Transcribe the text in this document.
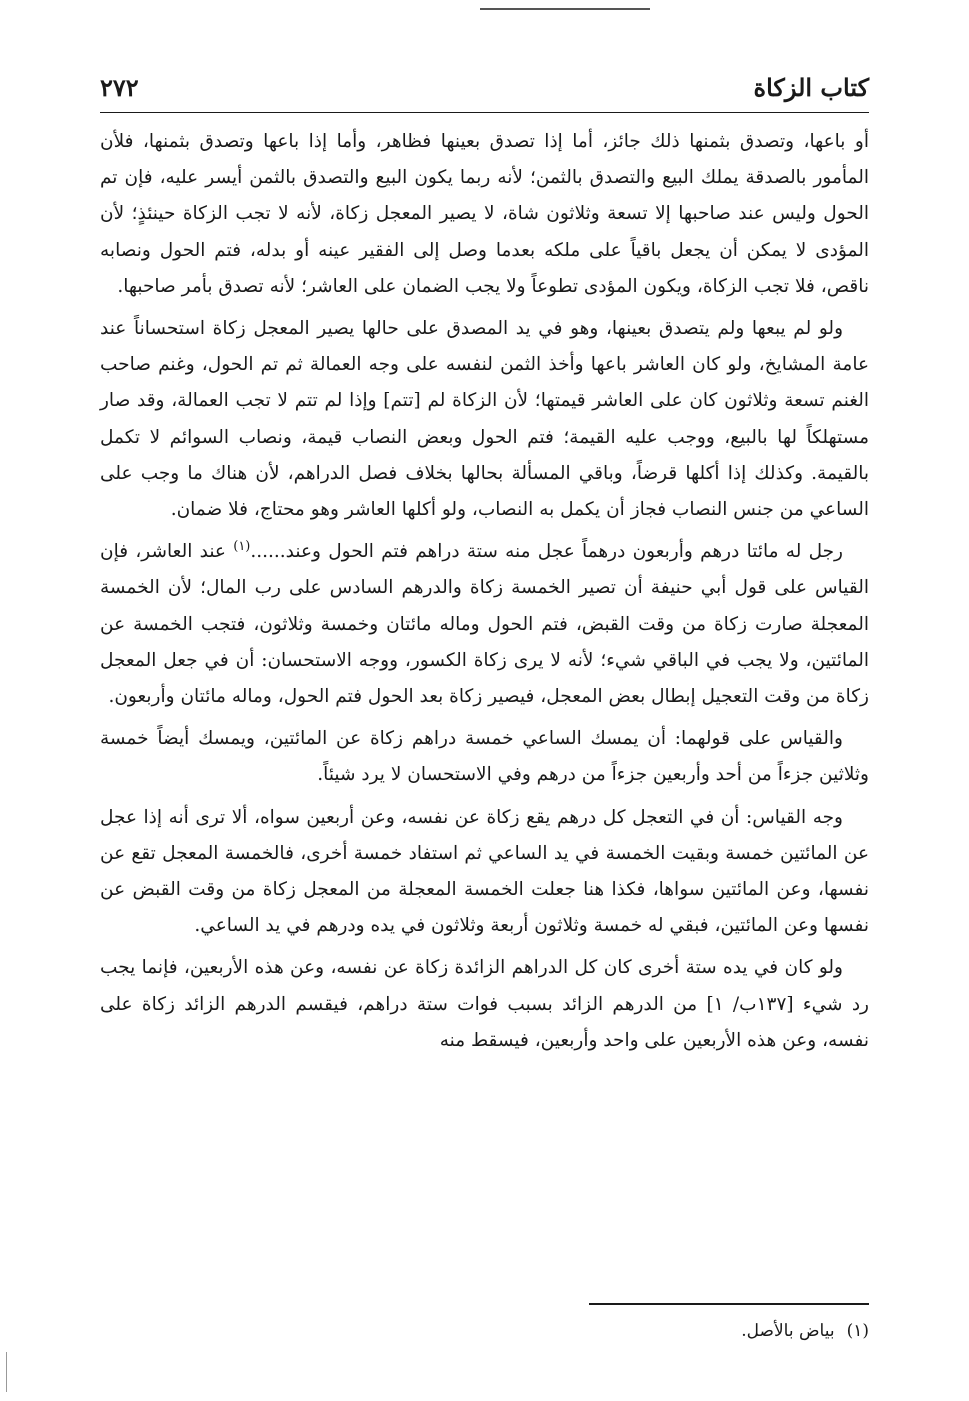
كتاب الزكاة
٢٧٢

أو باعها، وتصدق بثمنها ذلك جائز، أما إذا تصدق بعينها فظاهر، وأما إذا باعها وتصدق بثمنها، فلأن المأمور بالصدقة يملك البيع والتصدق بالثمن؛ لأنه ربما يكون البيع والتصدق بالثمن أيسر عليه، فإن تم الحول وليس عند صاحبها إلا تسعة وثلاثون شاة، لا يصير المعجل زكاة، لأنه لا تجب الزكاة حينئذٍ؛ لأن المؤدى لا يمكن أن يجعل باقياً على ملكه بعدما وصل إلى الفقير عينه أو بدله، فتم الحول ونصابه ناقص، فلا تجب الزكاة، ويكون المؤدى تطوعاً ولا يجب الضمان على العاشر؛ لأنه تصدق بأمر صاحبها.

ولو لم يبعها ولم يتصدق بعينها، وهو في يد المصدق على حالها يصير المعجل زكاة استحساناً عند عامة المشايخ، ولو كان العاشر باعها وأخذ الثمن لنفسه على وجه العمالة ثم تم الحول، وغنم صاحب الغنم تسعة وثلاثون كان على العاشر قيمتها؛ لأن الزكاة لم [تتم] وإذا لم تتم لا تجب العمالة، وقد صار مستهلكاً لها بالبيع، ووجب عليه القيمة؛ فتم الحول وبعض النصاب قيمة، ونصاب السوائم لا تكمل بالقيمة. وكذلك إذا أكلها قرضاً، وباقي المسألة بحالها بخلاف فصل الدراهم، لأن هناك ما وجب على الساعي من جنس النصاب فجاز أن يكمل به النصاب، ولو أكلها العاشر وهو محتاج، فلا ضمان.

رجل له مائتا درهم وأربعون درهماً عجل منه ستة دراهم فتم الحول وعند......$^{(١)}$ عند العاشر، فإن القياس على قول أبي حنيفة أن تصير الخمسة زكاة والدرهم السادس على رب المال؛ لأن الخمسة المعجلة صارت زكاة من وقت القبض، فتم الحول وماله مائتان وخمسة وثلاثون، فتجب الخمسة عن المائتين، ولا يجب في الباقي شيء؛ لأنه لا يرى زكاة الكسور، ووجه الاستحسان: أن في جعل المعجل زكاة من وقت التعجيل إبطال بعض المعجل، فيصير زكاة بعد الحول فتم الحول، وماله مائتان وأربعون.

والقياس على قولهما: أن يمسك الساعي خمسة دراهم زكاة عن المائتين، ويمسك أيضاً خمسة وثلاثين جزءاً من أحد وأربعين جزءاً من درهم وفي الاستحسان لا يرد شيئاً.

وجه القياس: أن في التعجل كل درهم يقع زكاة عن نفسه، وعن أربعين سواه، ألا ترى أنه إذا عجل عن المائتين خمسة وبقيت الخمسة في يد الساعي ثم استفاد خمسة أخرى، فالخمسة المعجل تقع عن نفسها، وعن المائتين سواها، فكذا هنا جعلت الخمسة المعجلة من المعجل زكاة من وقت القبض عن نفسها وعن المائتين، فبقي له خمسة وثلاثون أربعة وثلاثون في يده ودرهم في يد الساعي.

ولو كان في يده ستة أخرى كان كل الدراهم الزائدة زكاة عن نفسه، وعن هذه الأربعين، فإنما يجب رد شيء [١٣٧ب/ ١] من الدرهم الزائد بسبب فوات ستة دراهم، فيقسم الدرهم الزائد زكاة على نفسه، وعن هذه الأربعين على واحد وأربعين، فيسقط منه

(١)
بياض بالأصل.
